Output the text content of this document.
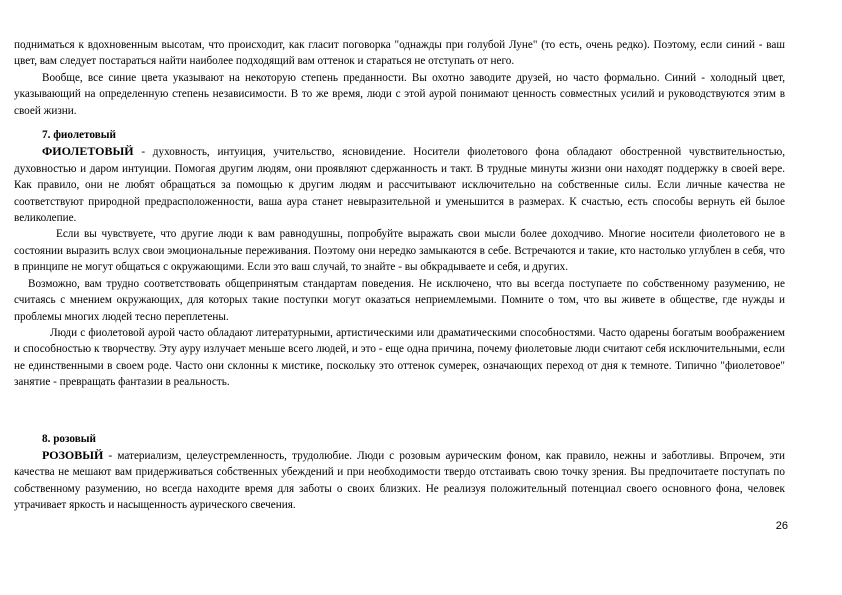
подниматься к вдохновенным высотам, что происходит, как гласит поговорка "однажды при голубой Луне" (то есть, очень редко). Поэтому, если синий - ваш цвет, вам следует постараться найти наиболее подходящий вам оттенок и стараться не отступать от него.

Вообще, все синие цвета указывают на некоторую степень преданности. Вы охотно заводите друзей, но часто формально. Синий - холодный цвет, указывающий на определенную степень независимости. В то же время, люди с этой аурой понимают ценность совместных усилий и руководствуются этим в своей жизни.

7. фиолетовый

ФИОЛЕТОВЫЙ - духовность, интуиция, учительство, ясновидение. Носители фиолетового фона обладают обостренной чувствительностью, духовностью и даром интуиции. Помогая другим людям, они проявляют сдержанность и такт. В трудные минуты жизни они находят поддержку в своей вере. Как правило, они не любят обращаться за помощью к другим людям и рассчитывают исключительно на собственные силы. Если личные качества не соответствуют природной предрасположенности, ваша аура станет невыразительной и уменьшится в размерах. К счастью, есть способы вернуть ей былое великолепие.

Если вы чувствуете, что другие люди к вам равнодушны, попробуйте выражать свои мысли более доходчиво. Многие носители фиолетового не в состоянии выразить вслух свои эмоциональные переживания. Поэтому они нередко замыкаются в себе. Встречаются и такие, кто настолько углублен в себя, что в принципе не могут общаться с окружающими. Если это ваш случай, то знайте - вы обкрадываете и себя, и других.

Возможно, вам трудно соответствовать общепринятым стандартам поведения. Не исключено, что вы всегда поступаете по собственному разумению, не считаясь с мнением окружающих, для которых такие поступки могут оказаться неприемлемыми. Помните о том, что вы живете в обществе, где нужды и проблемы многих людей тесно переплетены.

Люди с фиолетовой аурой часто обладают литературными, артистическими или драматическими способностями. Часто одарены богатым воображением и способностью к творчеству. Эту ауру излучает меньше всего людей, и это - еще одна причина, почему фиолетовые люди считают себя исключительными, если не единственными в своем роде. Часто они склонны к мистике, поскольку это оттенок сумерек, означающих переход от дня к темноте. Типично "фиолетовое" занятие - превращать фантазии в реальность.

8. розовый

РОЗОВЫЙ - материализм, целеустремленность, трудолюбие. Люди с розовым аурическим фоном, как правило, нежны и заботливы. Впрочем, эти качества не мешают вам придерживаться собственных убеждений и при необходимости твердо отстаивать свою точку зрения. Вы предпочитаете поступать по собственному разумению, но всегда находите время для заботы о своих близких. Не реализуя положительный потенциал своего основного фона, человек утрачивает яркость и насыщенность аурического свечения.

26
